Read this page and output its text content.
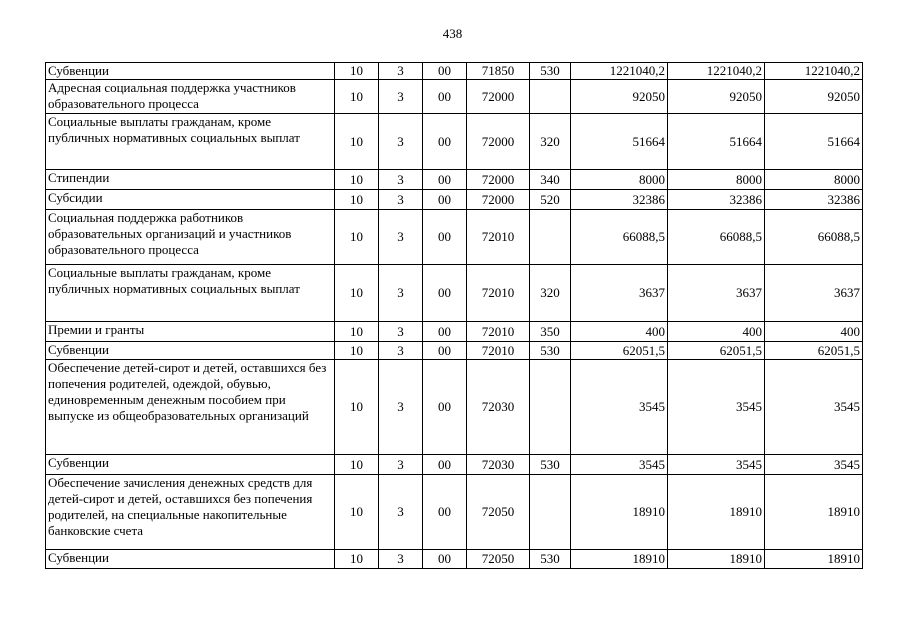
438
Субвенции	10	3	00	71850	530	1221040,2	1221040,2	1221040,2
Адресная социальная поддержка участников образовательного процесса	10	3	00	72000		92050	92050	92050
Социальные выплаты гражданам, кроме публичных нормативных социальных выплат	10	3	00	72000	320	51664	51664	51664
Стипендии	10	3	00	72000	340	8000	8000	8000
Субсидии	10	3	00	72000	520	32386	32386	32386
Социальная поддержка работников образовательных организаций и участников образовательного процесса	10	3	00	72010		66088,5	66088,5	66088,5
Социальные выплаты гражданам, кроме публичных нормативных социальных выплат	10	3	00	72010	320	3637	3637	3637
Премии и гранты	10	3	00	72010	350	400	400	400
Субвенции	10	3	00	72010	530	62051,5	62051,5	62051,5
Обеспечение детей-сирот и детей, оставшихся без попечения родителей, одеждой, обувью, единовременным денежным пособием при выпуске из общеобразовательных организаций	10	3	00	72030		3545	3545	3545
Субвенции	10	3	00	72030	530	3545	3545	3545
Обеспечение зачисления денежных средств для детей-сирот и детей, оставшихся без попечения родителей, на специальные накопительные банковские счета	10	3	00	72050		18910	18910	18910
Субвенции	10	3	00	72050	530	18910	18910	18910
